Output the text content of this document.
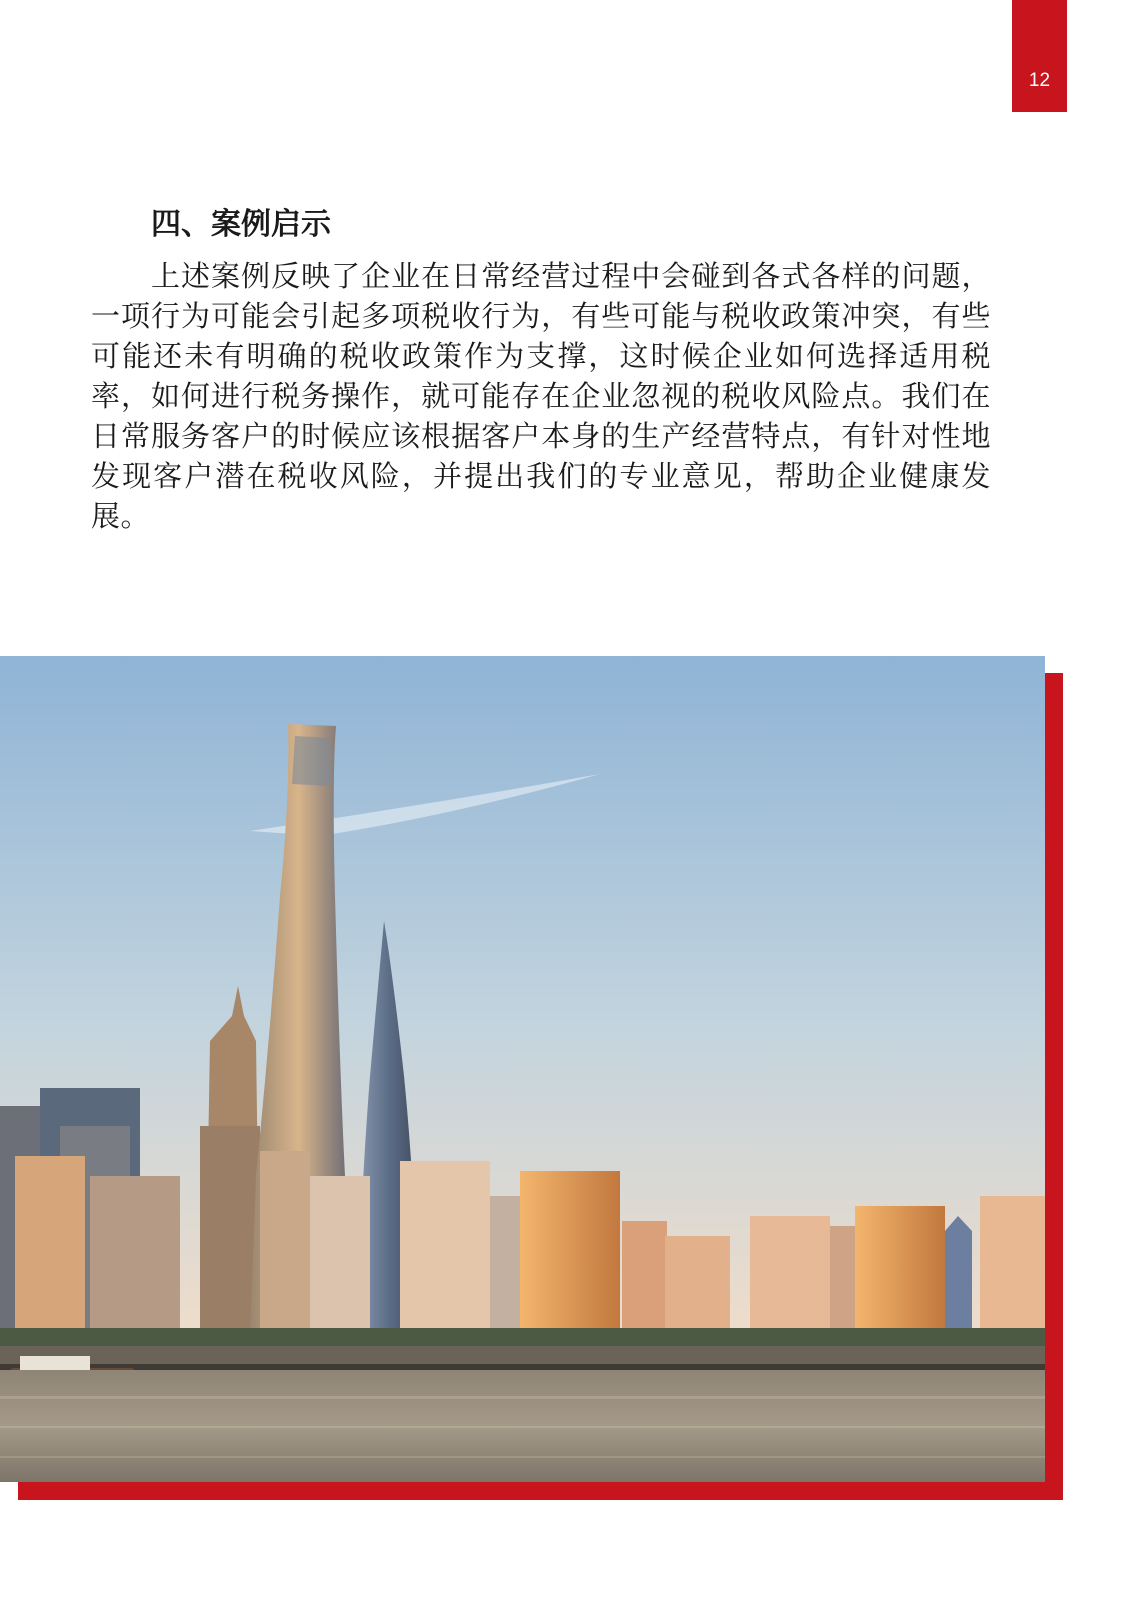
12
四、案例启示

上述案例反映了企业在日常经营过程中会碰到各式各样的问题，一项行为可能会引起多项税收行为，有些可能与税收政策冲突，有些可能还未有明确的税收政策作为支撑，这时候企业如何选择适用税率，如何进行税务操作，就可能存在企业忽视的税收风险点。我们在日常服务客户的时候应该根据客户本身的生产经营特点，有针对性地发现客户潜在税收风险，并提出我们的专业意见，帮助企业健康发展。
